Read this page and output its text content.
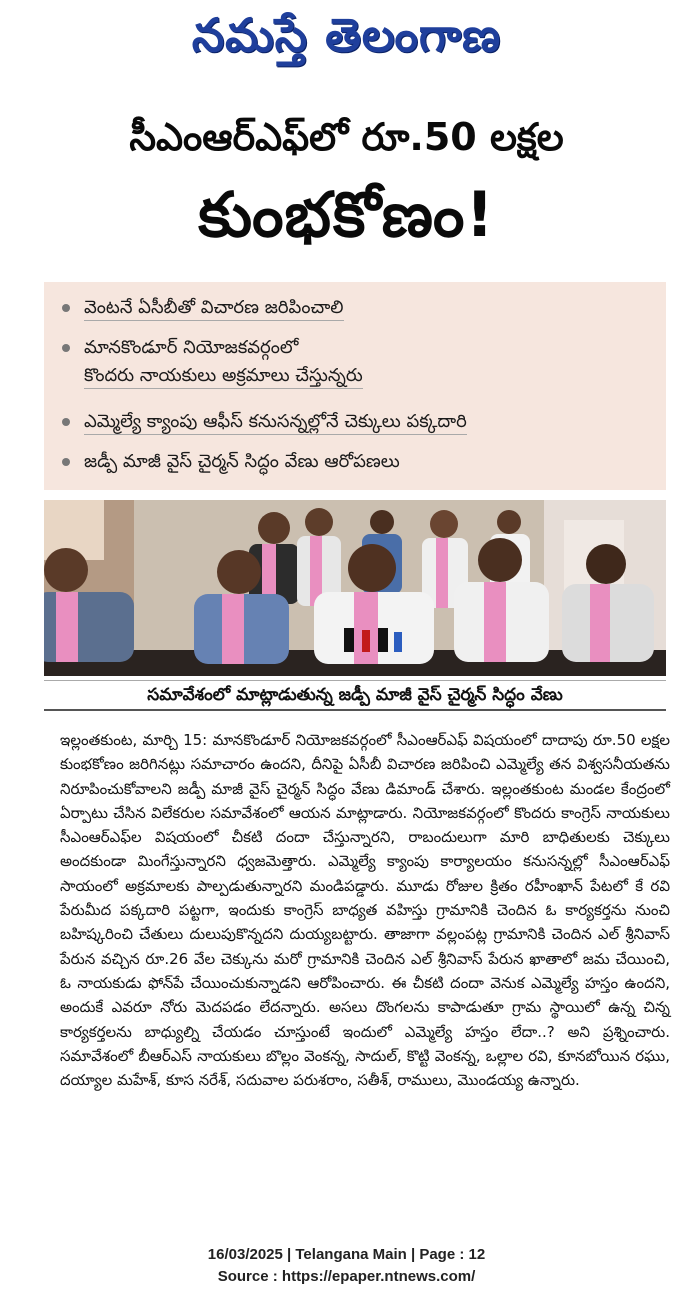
నమస్తే తెలంగాణ
సీఎంఆర్ఎఫ్‌లో రూ.50 లక్షల
కుంభకోణం!
వెంటనే ఏసీబీతో విచారణ జరిపించాలి
మానకొండూర్ నియోజకవర్గంలో
కొందరు నాయకులు అక్రమాలు చేస్తున్నరు
ఎమ్మెల్యే క్యాంపు ఆఫీస్ కనుసన్నల్లోనే చెక్కులు పక్కదారి
జడ్పీ మాజీ వైస్ చైర్మన్ సిద్ధం వేణు ఆరోపణలు
సమావేశంలో మాట్లాడుతున్న జడ్పీ మాజీ వైస్ చైర్మన్ సిద్ధం వేణు

ఇల్లంతకుంట, మార్చి 15: మానకొండూర్ నియోజకవర్గంలో సీఎంఆర్ఎఫ్ విషయంలో దాదాపు రూ.50 లక్షల కుంభకోణం జరిగినట్లు సమాచారం ఉందని, దీనిపై ఏసీబీ విచారణ జరిపించి ఎమ్మెల్యే తన విశ్వసనీయతను నిరూపించుకోవాలని జడ్పీ మాజీ వైస్ చైర్మన్ సిద్ధం వేణు డిమాండ్ చేశారు. ఇల్లంతకుంట మండల కేంద్రంలో ఏర్పాటు చేసిన విలేకరుల సమావేశంలో ఆయన మాట్లాడారు. నియోజకవర్గంలో కొందరు కాంగ్రెస్ నాయకులు సీఎంఆర్ఎఫ్‌ల విషయంలో చీకటి దందా చేస్తున్నారని, రాబందులుగా మారి బాధితులకు చెక్కులు అందకుండా మింగేస్తున్నారని ధ్వజమెత్తారు. ఎమ్మెల్యే క్యాంపు కార్యాలయం కనుసన్నల్లో సీఎంఆర్ఎఫ్ సాయంలో అక్రమాలకు పాల్పడుతున్నారని మండిపడ్డారు. మూడు రోజుల క్రితం రహీంఖాన్ పేటలో కే రవి పేరుమీద పక్కదారి పట్టగా, ఇందుకు కాంగ్రెస్ బాధ్యత వహిస్తు గ్రామానికి చెందిన ఓ కార్యకర్తను నుంచి బహిష్కరించి చేతులు దులుపుకొన్నదని దుయ్యబట్టారు. తాజాగా వల్లంపట్ల గ్రామానికి చెందిన ఎల్ శ్రీనివాస్ పేరున వచ్చిన రూ.26 వేల చెక్కును మరో గ్రామానికి చెందిన ఎల్ శ్రీనివాస్ పేరున ఖాతాలో జమ చేయించి, ఓ నాయకుడు ఫోన్‌పే చేయించుకున్నాడని ఆరోపించారు. ఈ చీకటి దందా వెనుక ఎమ్మెల్యే హస్తం ఉందని, అందుకే ఎవరూ నోరు మెదపడం లేదన్నారు. అసలు దొంగలను కాపాడుతూ గ్రామ స్థాయిలో ఉన్న చిన్న కార్యకర్తలను బాధ్యుల్ని చేయడం చూస్తుంటే ఇందులో ఎమ్మెల్యే హస్తం లేదా..? అని ప్రశ్నించారు. సమావేశంలో బీఆర్ఎస్ నాయకులు బొల్లం వెంకన్న, సాదుల్, కొట్టి వెంకన్న, ఒల్లాల రవి, కూనబోయిన రఘు, దయ్యాల మహేశ్, కూస నరేశ్, సదువాల పరుశరాం, సతీశ్, రాములు, మొండయ్య ఉన్నారు.

16/03/2025 | Telangana Main | Page : 12
Source : https://epaper.ntnews.com/
